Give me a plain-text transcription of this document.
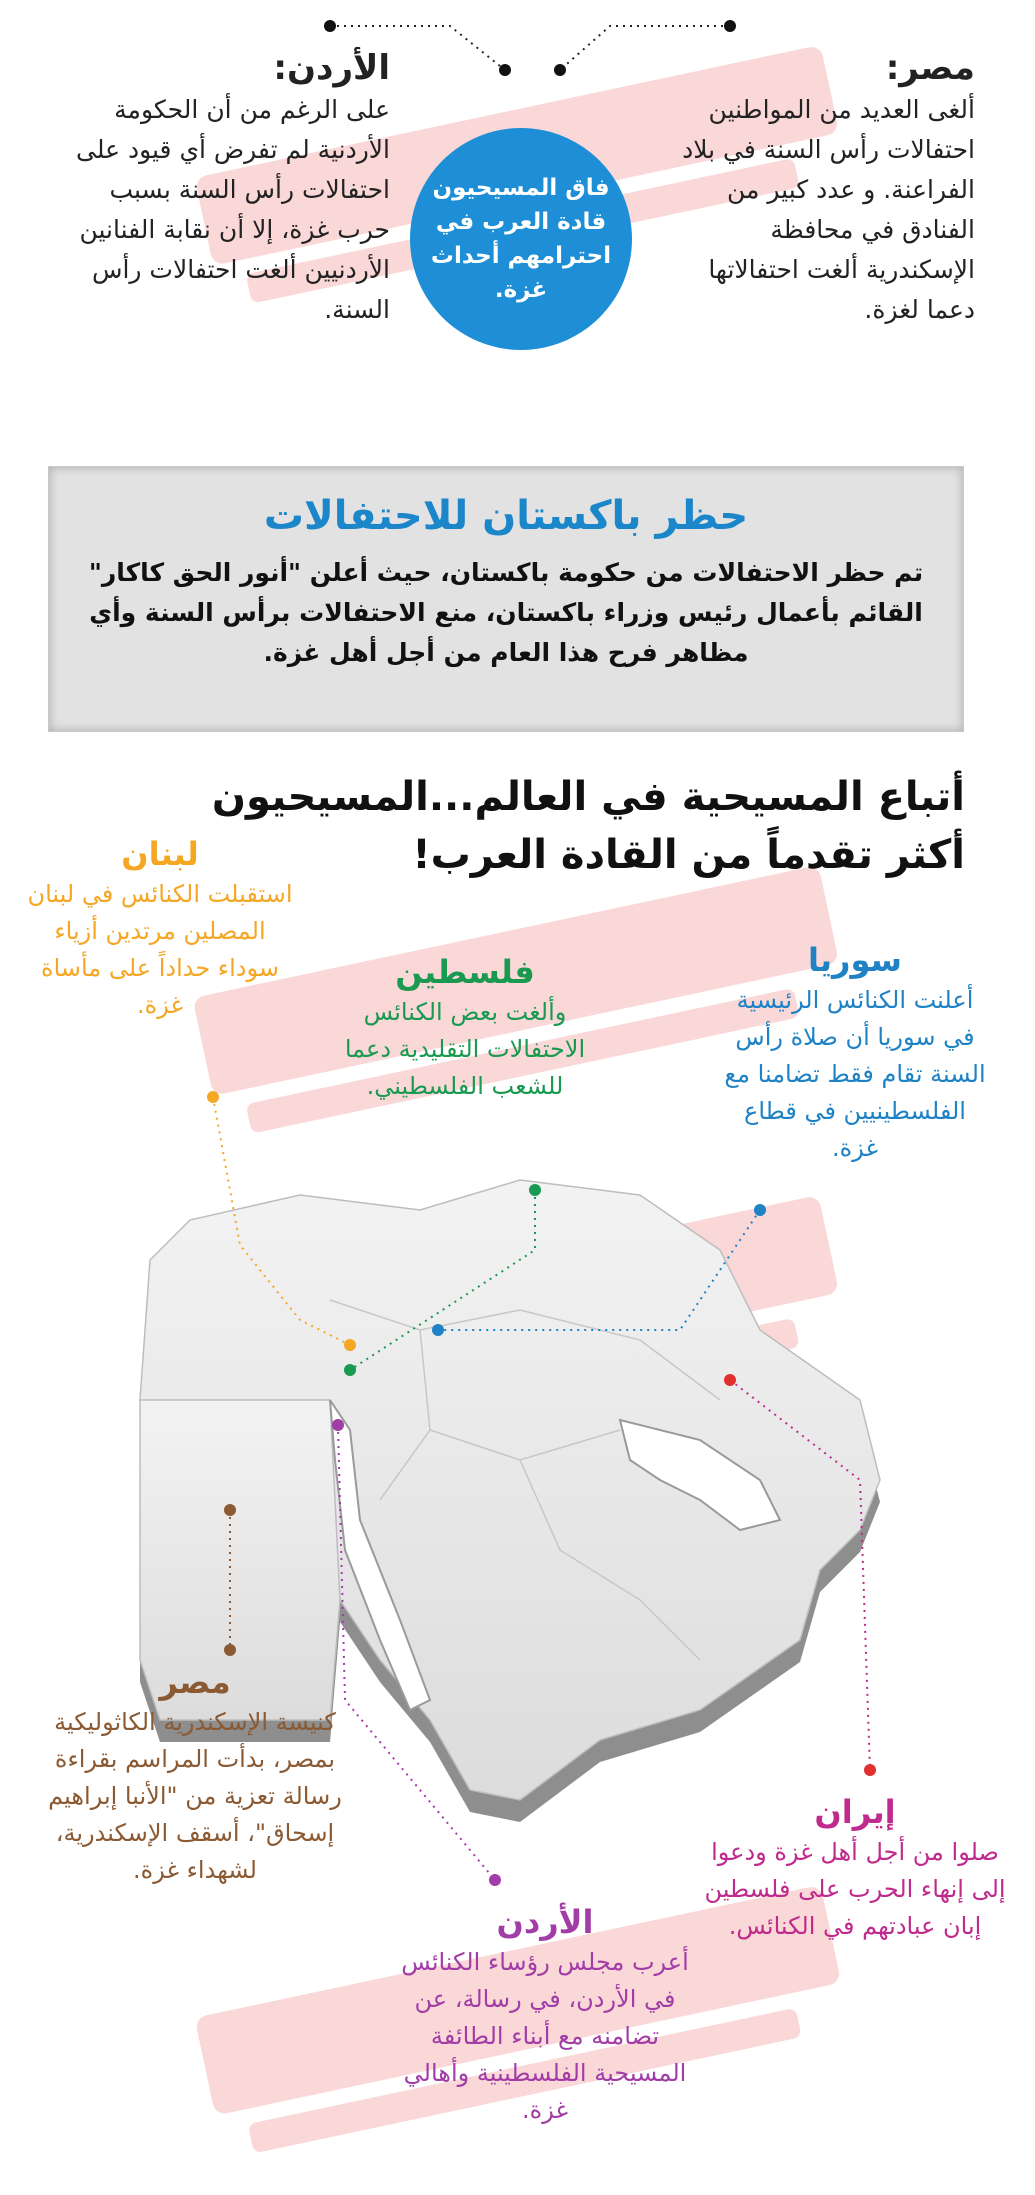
مصر:

ألغى العديد من المواطنين احتفالات رأس السنة في بلاد الفراعنة. و عدد كبير من الفنادق في محافظة الإسكندرية ألغت احتفالاتها دعما لغزة.

الأردن:

على الرغم من أن الحكومة الأردنية لم تفرض أي قيود على احتفالات رأس السنة بسبب حرب غزة، إلا أن نقابة الفنانين الأردنيين ألغت احتفالات رأس السنة.

فاق المسيحيون قادة العرب في احترامهم أحداث غزة.

حظر باكستان للاحتفالات

تم حظر الاحتفالات من حكومة باكستان، حيث أعلن "أنور الحق كاكار" القائم بأعمال رئيس وزراء باكستان، منع الاحتفالات برأس السنة وأي مظاهر فرح هذا العام من أجل أهل غزة.

أتباع المسيحية في العالم...المسيحيون أكثر تقدماً من القادة العرب!

لبنان

استقبلت الكنائس في لبنان المصلين مرتدين أزياء سوداء حداداً على مأساة غزة.

فلسطين

وألغت بعض الكنائس الاحتفالات التقليدية دعما للشعب الفلسطيني.

سوريا

أعلنت الكنائس الرئيسية في سوريا أن صلاة رأس السنة تقام فقط تضامنا مع الفلسطينيين في قطاع غزة.

مصر

كنيسة الإسكندرية الكاثوليكية بمصر، بدأت المراسم بقراءة رسالة تعزية من "الأنبا إبراهيم إسحاق"، أسقف الإسكندرية، لشهداء غزة.

إيران

صلوا من أجل أهل غزة ودعوا إلى إنهاء الحرب على فلسطين إبان عبادتهم في الكنائس.

الأردن

أعرب مجلس رؤساء الكنائس في الأردن، في رسالة، عن تضامنه مع أبناء الطائفة المسيحية الفلسطينية وأهالي غزة.
